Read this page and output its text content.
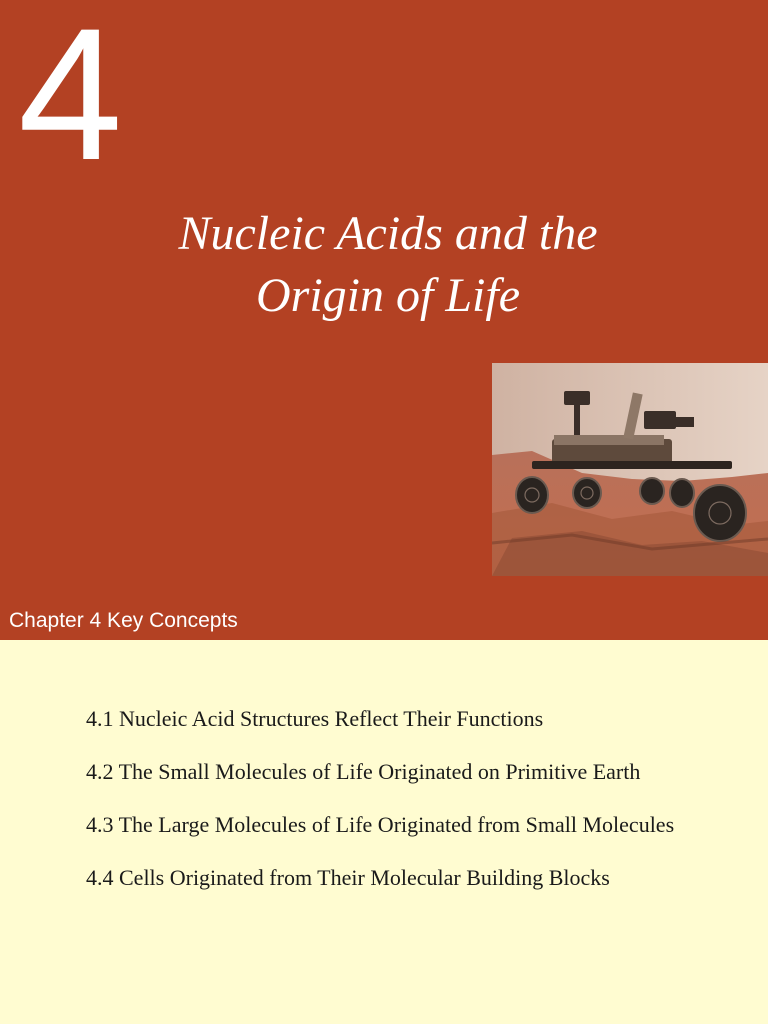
4
Nucleic Acids and the
Origin of Life
Chapter 4 Key Concepts
4.1 Nucleic Acid Structures Reflect Their Functions
4.2 The Small Molecules of Life Originated on Primitive Earth
4.3 The Large Molecules of Life Originated from Small Molecules
4.4 Cells Originated from Their Molecular Building Blocks
